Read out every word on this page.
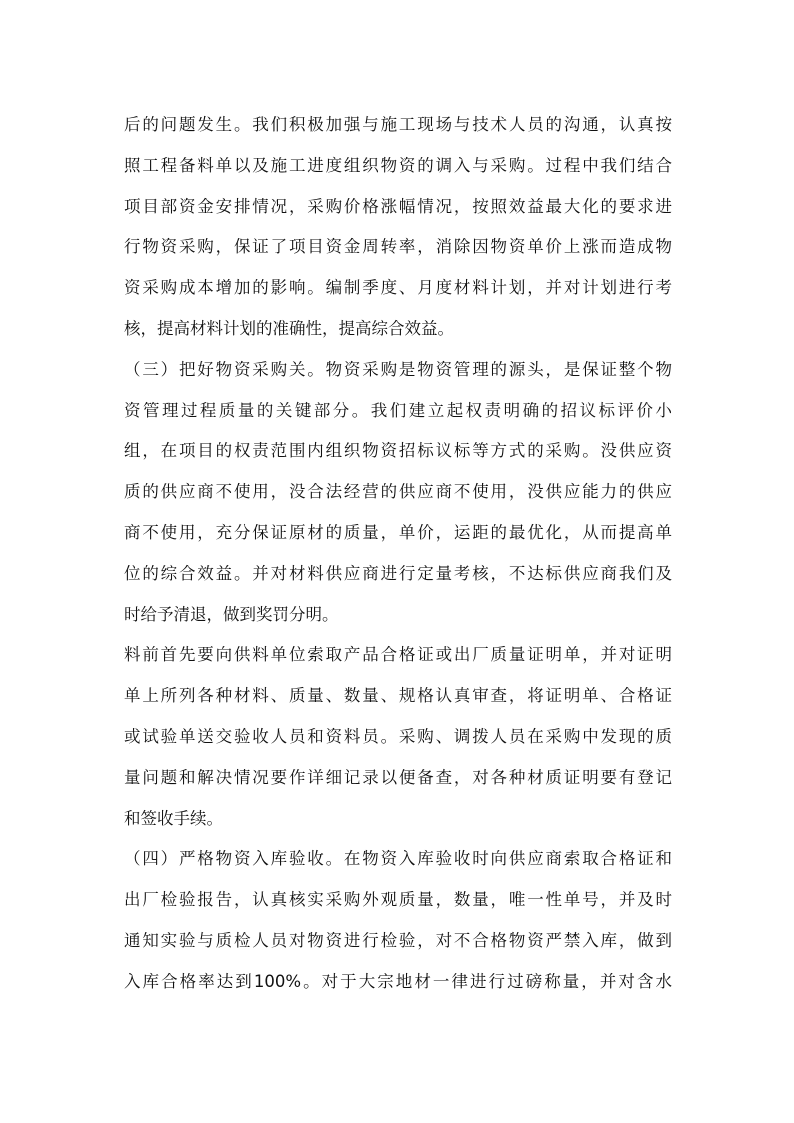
后的问题发生。我们积极加强与施工现场与技术人员的沟通，认真按
照工程备料单以及施工进度组织物资的调入与采购。过程中我们结合
项目部资金安排情况，采购价格涨幅情况，按照效益最大化的要求进
行物资采购，保证了项目资金周转率，消除因物资单价上涨而造成物
资采购成本增加的影响。编制季度、月度材料计划，并对计划进行考
核，提高材料计划的准确性，提高综合效益。
（三）把好物资采购关。物资采购是物资管理的源头，是保证整个物
资管理过程质量的关键部分。我们建立起权责明确的招议标评价小
组，在项目的权责范围内组织物资招标议标等方式的采购。没供应资
质的供应商不使用，没合法经营的供应商不使用，没供应能力的供应
商不使用，充分保证原材的质量，单价，运距的最优化，从而提高单
位的综合效益。并对材料供应商进行定量考核，不达标供应商我们及
时给予清退，做到奖罚分明。
料前首先要向供料单位索取产品合格证或出厂质量证明单，并对证明
单上所列各种材料、质量、数量、规格认真审查，将证明单、合格证
或试验单送交验收人员和资料员。采购、调拨人员在采购中发现的质
量问题和解决情况要作详细记录以便备查，对各种材质证明要有登记
和签收手续。
（四）严格物资入库验收。在物资入库验收时向供应商索取合格证和
出厂检验报告，认真核实采购外观质量，数量，唯一性单号，并及时
通知实验与质检人员对物资进行检验，对不合格物资严禁入库，做到
入库合格率达到100%。对于大宗地材一律进行过磅称量，并对含水
